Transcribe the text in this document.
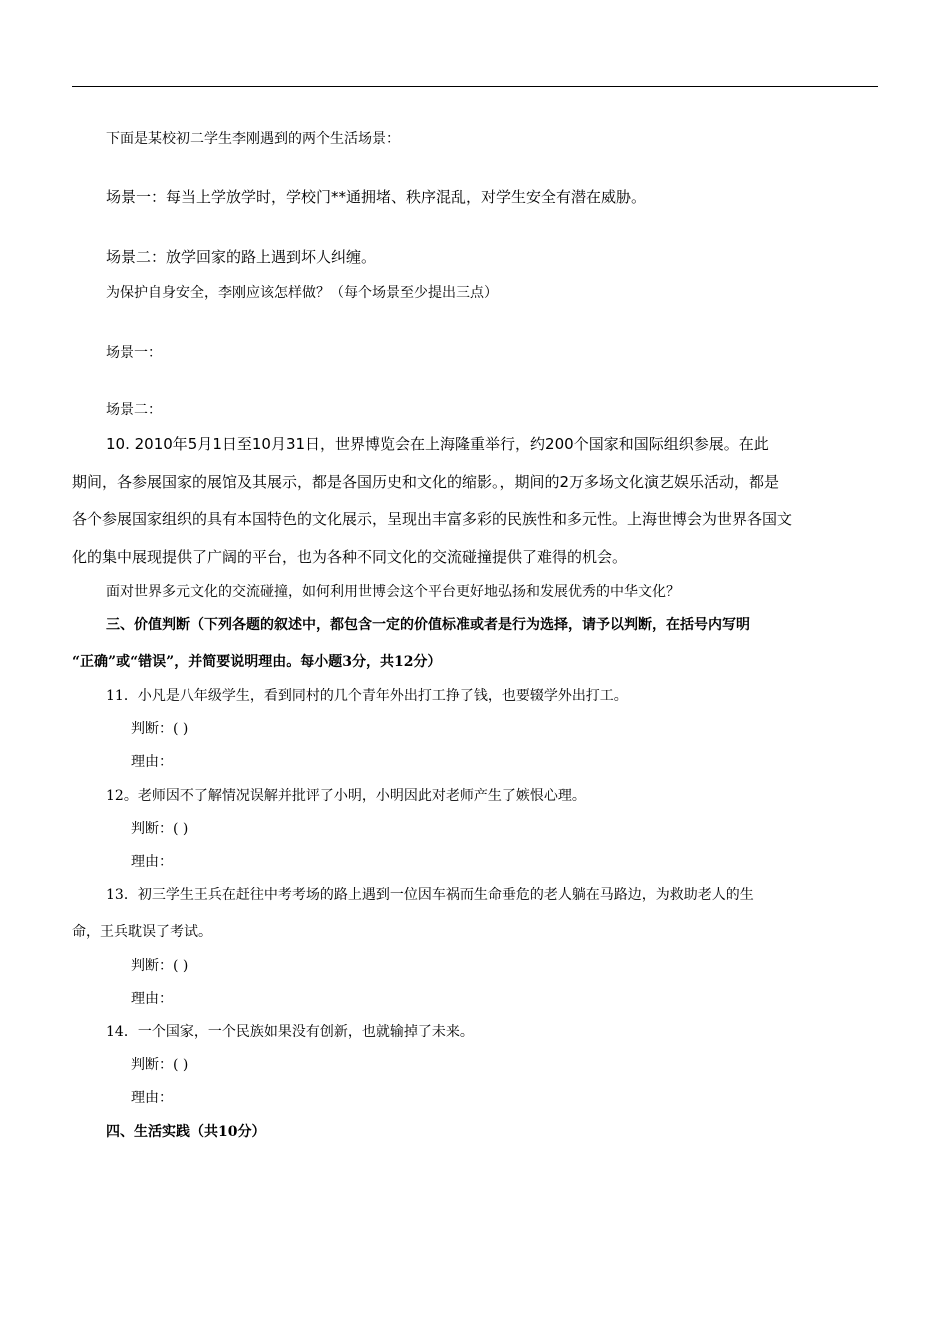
下面是某校初二学生李刚遇到的两个生活场景：
场景一：每当上学放学时，学校门**通拥堵、秩序混乱，对学生安全有潜在威胁。
场景二：放学回家的路上遇到坏人纠缠。
为保护自身安全，李刚应该怎样做？（每个场景至少提出三点）
场景一：
场景二：
10. 2010年5月1日至10月31日，世界博览会在上海隆重举行，约200个国家和国际组织参展。在此
期间，各参展国家的展馆及其展示，都是各国历史和文化的缩影。，期间的2万多场文化演艺娱乐活动，都是
各个参展国家组织的具有本国特色的文化展示，呈现出丰富多彩的民族性和多元性。上海世博会为世界各国文
化的集中展现提供了广阔的平台，也为各种不同文化的交流碰撞提供了难得的机会。
面对世界多元文化的交流碰撞，如何利用世博会这个平台更好地弘扬和发展优秀的中华文化？
三、价值判断（下列各题的叙述中，都包含一定的价值标准或者是行为选择，请予以判断，在括号内写明
“正确”或“错误”，并简要说明理由。每小题3分，共12分）
11．小凡是八年级学生，看到同村的几个青年外出打工挣了钱，也要辍学外出打工。
判断：( )
理由：
12。老师因不了解情况误解并批评了小明，小明因此对老师产生了嫉恨心理。
判断：( )
理由：
13．初三学生王兵在赶往中考考场的路上遇到一位因车祸而生命垂危的老人躺在马路边，为救助老人的生
命，王兵耽误了考试。
判断：( )
理由：
14．一个国家，一个民族如果没有创新，也就输掉了未来。
判断：( )
理由：
四、生活实践（共10分）
